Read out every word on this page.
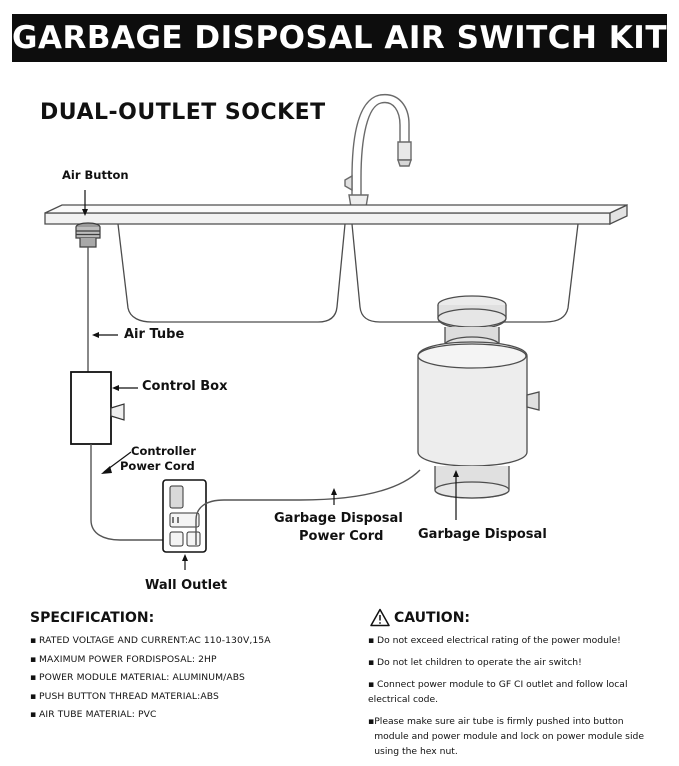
GARBAGE DISPOSAL AIR SWITCH KIT
DUAL-OUTLET SOCKET
Air Button
Air Tube
Control Box
Controller
Power Cord
Wall Outlet
Garbage Disposal
Power Cord	Garbage Disposal
SPECIFICATION:
▪ RATED VOLTAGE AND CURRENT:AC 110-130V,15A
▪ MAXIMUM POWER FORDISPOSAL: 2HP
▪ POWER MODULE MATERIAL: ALUMINUM/ABS
▪ PUSH BUTTON THREAD MATERIAL:ABS
▪ AIR TUBE MATERIAL: PVC
CAUTION:
▪ Do not exceed electrical rating of the power module!
▪ Do not let children to operate the air switch!
▪ Connect power module to GF CI outlet and follow local electrical code.
▪ Please make sure air tube is firmly pushed into button module and power module and lock on power module side using the hex nut.
